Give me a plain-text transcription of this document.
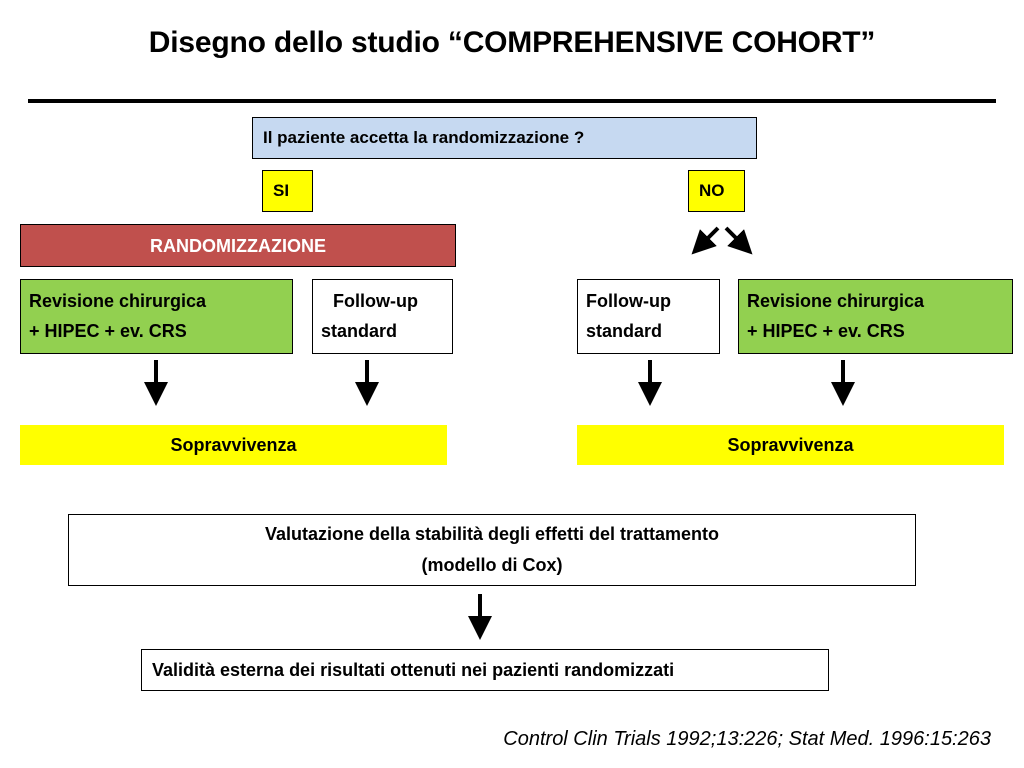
Disegno dello studio “COMPREHENSIVE COHORT”
Il paziente accetta la randomizzazione ?
SI	NO
RANDOMIZZAZIONE
Revisione chirurgica
+ HIPEC + ev. CRS
Follow-up
standard
Follow-up
standard
Revisione chirurgica
+ HIPEC + ev. CRS
Sopravvivenza	Sopravvivenza
Valutazione della stabilità degli effetti del trattamento
(modello di Cox)
Validità esterna dei risultati ottenuti nei pazienti randomizzati
Control Clin Trials 1992;13:226; Stat Med. 1996:15:263
